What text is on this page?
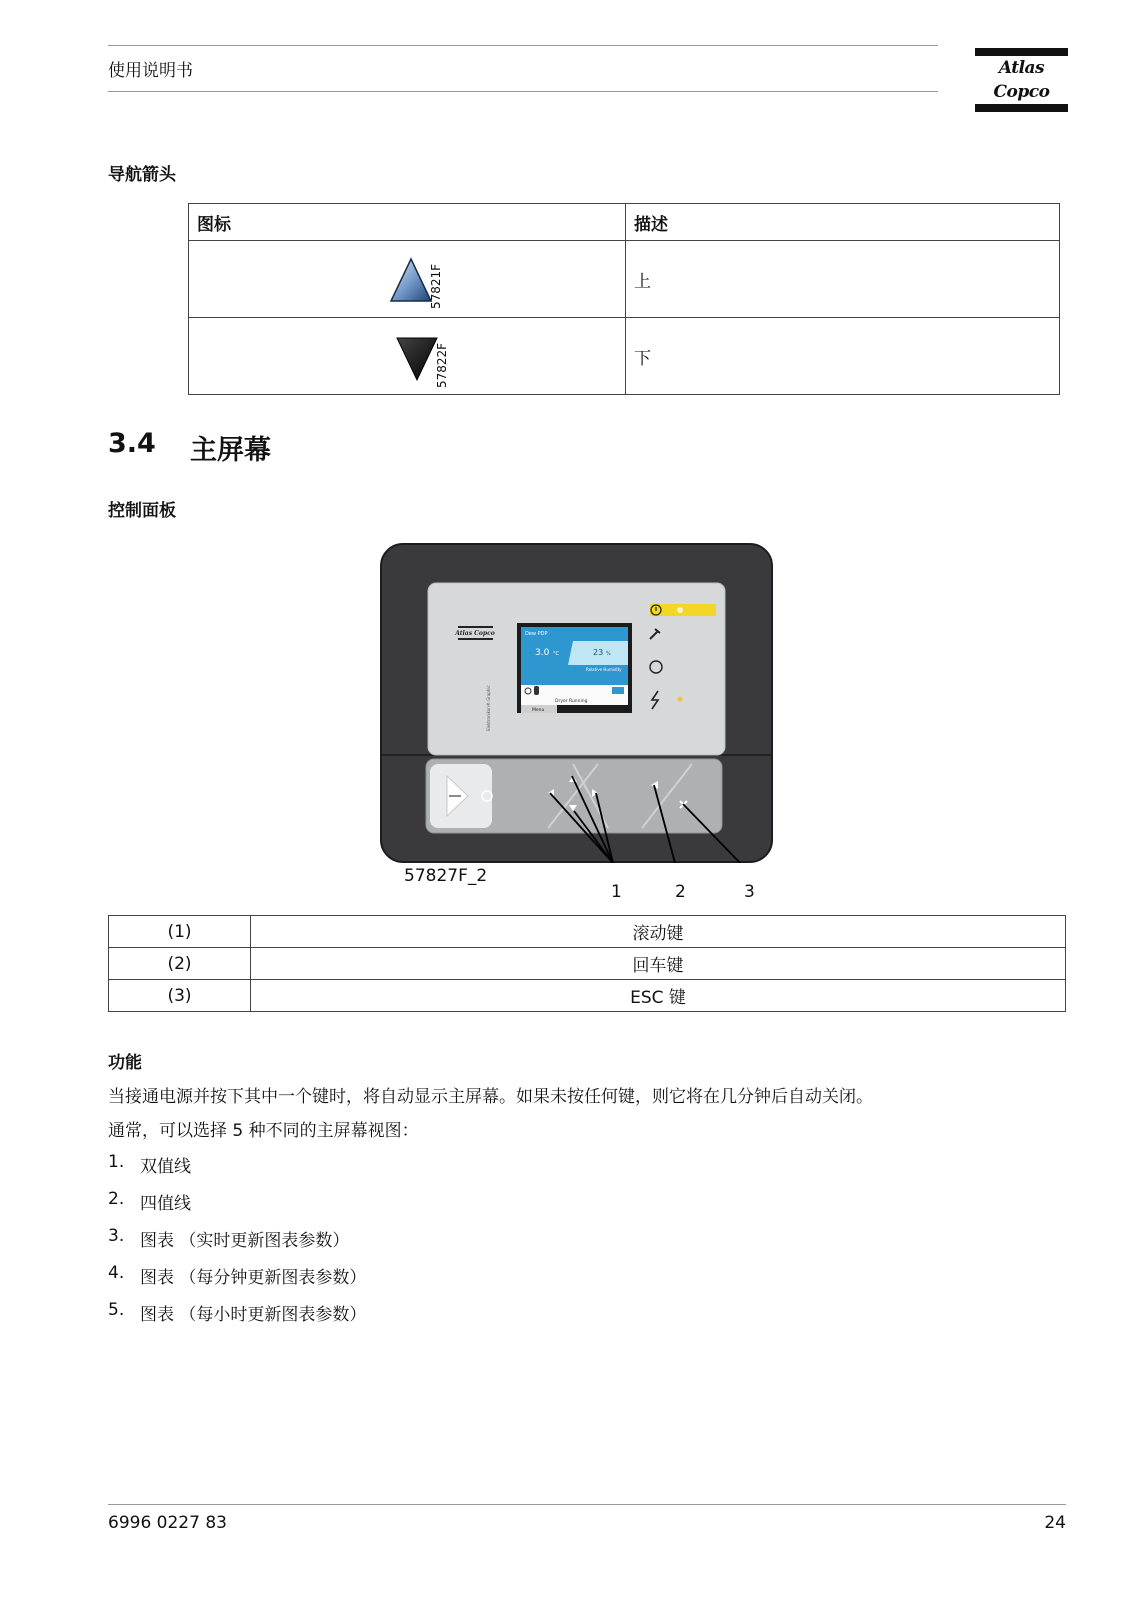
使用说明书	Atlas Copco
导航箭头
图标	描述

57821F	上

57822F	下
3.4 主屏幕
控制面板
Atlas Copco
Elektronikon® Graphic
Dew PDP
3.0 °C	23 %
Relative Humidity
Dryer Running
Menu
57827F_2
1	2	3
(1)	滚动键
(2)	回车键
(3)	ESC 键
功能
当接通电源并按下其中一个键时，将自动显示主屏幕。如果未按任何键，则它将在几分钟后自动关闭。
通常，可以选择 5 种不同的主屏幕视图：
1. 双值线
2. 四值线
3. 图表 （实时更新图表参数）
4. 图表 （每分钟更新图表参数）
5. 图表 （每小时更新图表参数）
6996 0227 83	24
